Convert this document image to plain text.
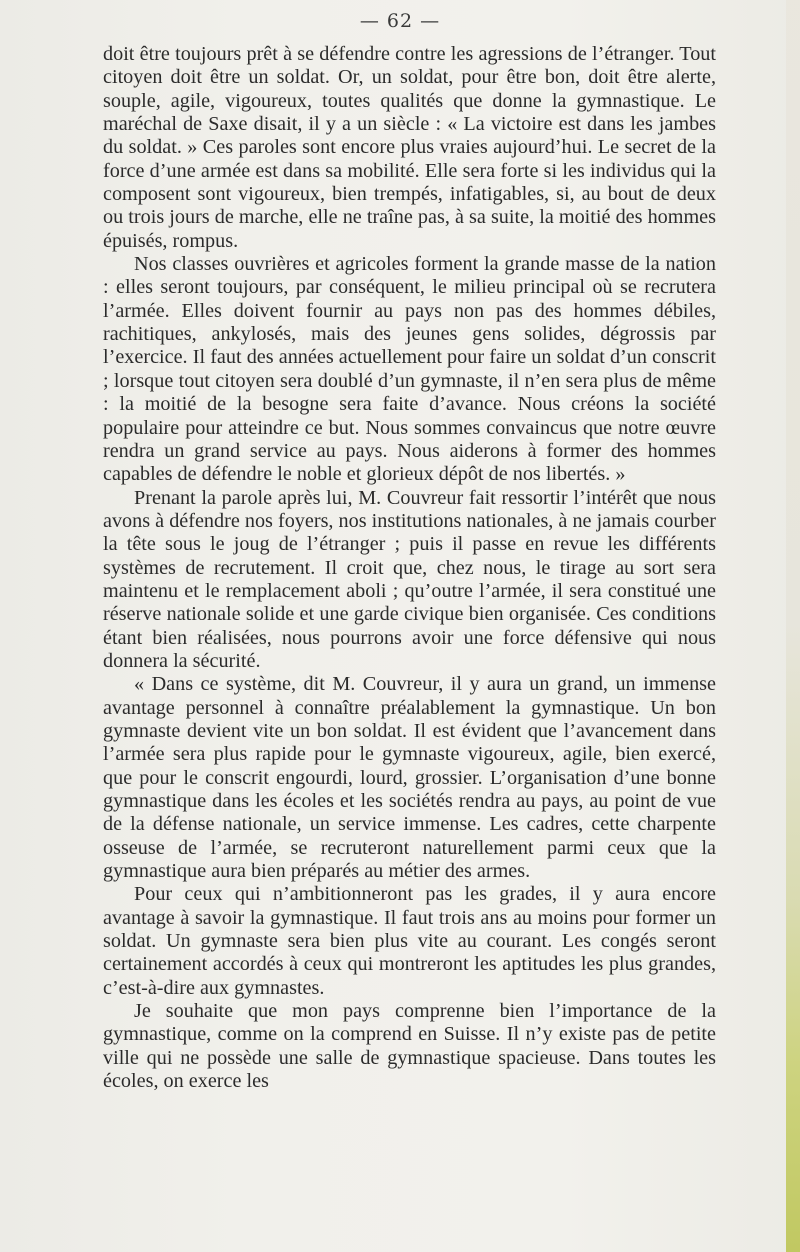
— 62 —

doit être toujours prêt à se défendre contre les agressions de l’étranger. Tout citoyen doit être un soldat. Or, un soldat, pour être bon, doit être alerte, souple, agile, vigoureux, toutes qualités que donne la gymnastique. Le maréchal de Saxe disait, il y a un siècle : « La victoire est dans les jambes du soldat. » Ces paroles sont encore plus vraies aujourd’hui. Le secret de la force d’une armée est dans sa mobilité. Elle sera forte si les individus qui la composent sont vigoureux, bien trempés, infatigables, si, au bout de deux ou trois jours de marche, elle ne traîne pas, à sa suite, la moitié des hommes épuisés, rompus.

Nos classes ouvrières et agricoles forment la grande masse de la nation : elles seront toujours, par conséquent, le milieu principal où se recrutera l’armée. Elles doivent fournir au pays non pas des hommes débiles, rachitiques, ankylosés, mais des jeunes gens solides, dégrossis par l’exercice. Il faut des années actuellement pour faire un soldat d’un conscrit ; lorsque tout citoyen sera doublé d’un gymnaste, il n’en sera plus de même : la moitié de la besogne sera faite d’avance. Nous créons la société populaire pour atteindre ce but. Nous sommes convaincus que notre œuvre rendra un grand service au pays. Nous aiderons à former des hommes capables de défendre le noble et glorieux dépôt de nos libertés. »

Prenant la parole après lui, M. Couvreur fait ressortir l’intérêt que nous avons à défendre nos foyers, nos institutions nationales, à ne jamais courber la tête sous le joug de l’étranger ; puis il passe en revue les différents systèmes de recrutement. Il croit que, chez nous, le tirage au sort sera maintenu et le remplacement aboli ; qu’outre l’armée, il sera constitué une réserve nationale solide et une garde civique bien organisée. Ces conditions étant bien réalisées, nous pourrons avoir une force défensive qui nous donnera la sécurité.

« Dans ce système, dit M. Couvreur, il y aura un grand, un immense avantage personnel à connaître préalablement la gymnastique. Un bon gymnaste devient vite un bon soldat. Il est évident que l’avancement dans l’armée sera plus rapide pour le gymnaste vigoureux, agile, bien exercé, que pour le conscrit engourdi, lourd, grossier. L’organisation d’une bonne gymnastique dans les écoles et les sociétés rendra au pays, au point de vue de la défense nationale, un service immense. Les cadres, cette charpente osseuse de l’armée, se recruteront naturellement parmi ceux que la gymnastique aura bien préparés au métier des armes.

Pour ceux qui n’ambitionneront pas les grades, il y aura encore avantage à savoir la gymnastique. Il faut trois ans au moins pour former un soldat. Un gymnaste sera bien plus vite au courant. Les congés seront certainement accordés à ceux qui montreront les aptitudes les plus grandes, c’est-à-dire aux gymnastes.

Je souhaite que mon pays comprenne bien l’importance de la gymnastique, comme on la comprend en Suisse. Il n’y existe pas de petite ville qui ne possède une salle de gymnastique spacieuse. Dans toutes les écoles, on exerce les
